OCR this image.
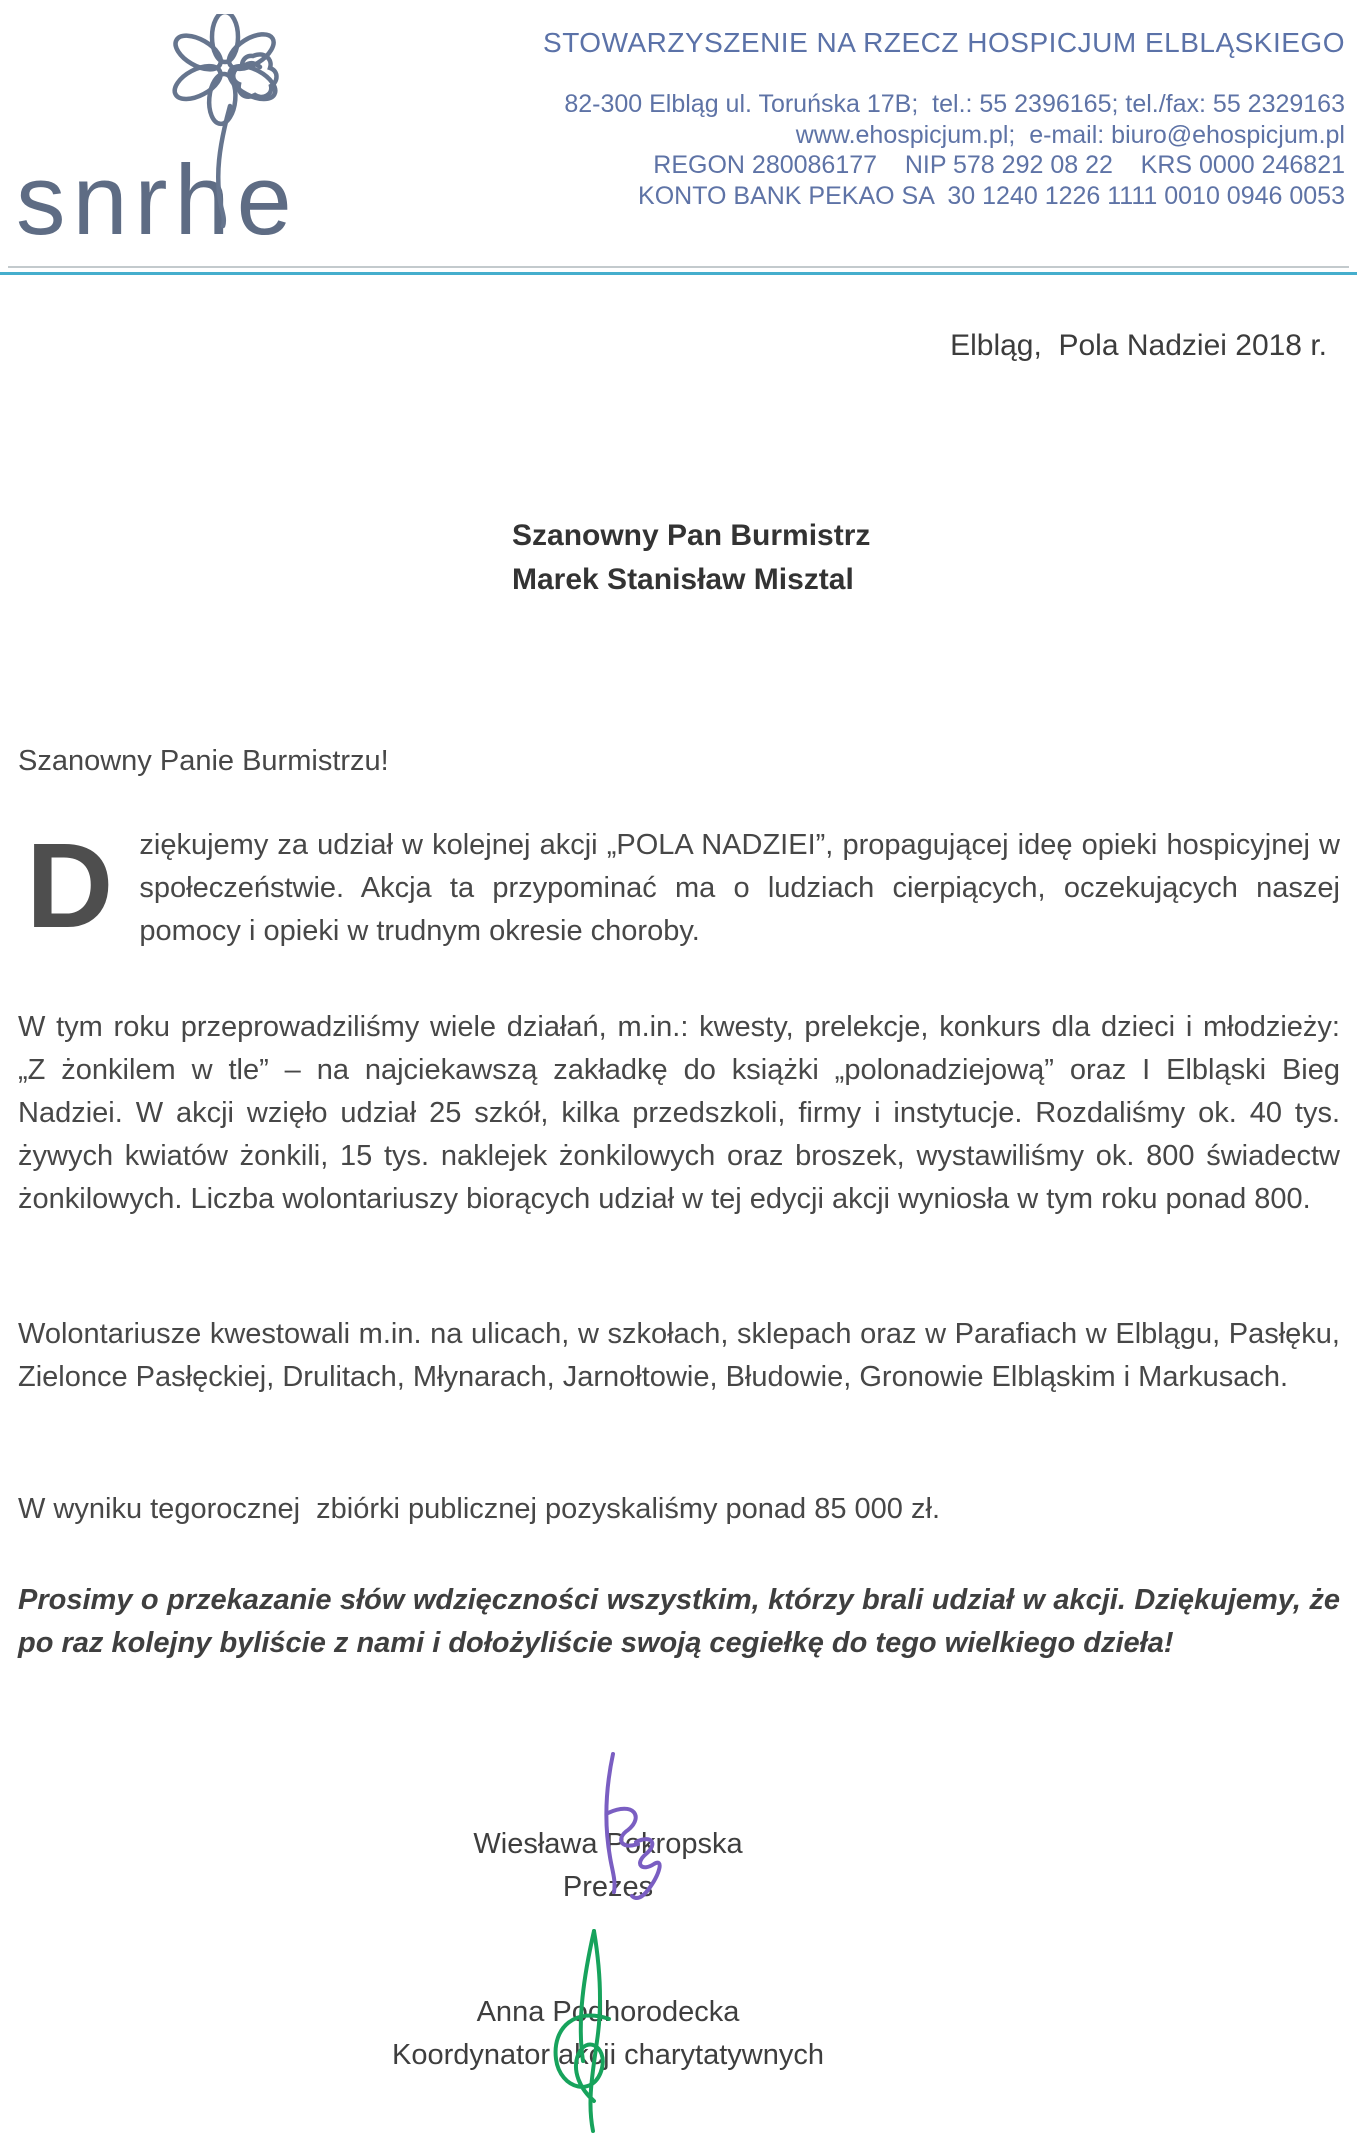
snrhe
STOWARZYSZENIE NA RZECZ HOSPICJUM ELBLĄSKIEGO
82-300 Elbląg ul. Toruńska 17B;  tel.: 55 2396165; tel./fax: 55 2329163
www.ehospicjum.pl;  e-mail: biuro@ehospicjum.pl
REGON 280086177    NIP 578 292 08 22    KRS 0000 246821
KONTO BANK PEKAO SA  30 1240 1226 1111 0010 0946 0053
Elbląg,  Pola Nadziei 2018 r.
Szanowny Pan Burmistrz
Marek Stanisław Misztal
Szanowny Panie Burmistrzu!
Dziękujemy za udział w kolejnej akcji „POLA NADZIEI”, propagującej ideę opieki hospicyjnej w społeczeństwie. Akcja ta przypominać ma o ludziach cierpiących, oczekujących naszej pomocy i opieki w trudnym okresie choroby.
W tym roku przeprowadziliśmy wiele działań, m.in.: kwesty, prelekcje, konkurs dla dzieci i młodzieży: „Z żonkilem w tle” – na najciekawszą zakładkę do książki „polonadziejową” oraz I Elbląski Bieg Nadziei. W akcji wzięło udział 25 szkół, kilka przedszkoli, firmy i instytucje. Rozdaliśmy ok. 40 tys. żywych kwiatów żonkili, 15 tys. naklejek żonkilowych oraz broszek, wystawiliśmy ok. 800 świadectw żonkilowych. Liczba wolontariuszy biorących udział w tej edycji akcji wyniosła w tym roku ponad 800.
Wolontariusze kwestowali m.in. na ulicach, w szkołach, sklepach oraz w Parafiach w Elblągu, Pasłęku, Zielonce Pasłęckiej, Drulitach, Młynarach, Jarnołtowie, Błudowie, Gronowie Elbląskim i Markusach.
W wyniku tegorocznej  zbiórki publicznej pozyskaliśmy ponad 85 000 zł.
Prosimy o przekazanie słów wdzięczności wszystkim, którzy brali udział w akcji. Dziękujemy, że po raz kolejny byliście z nami i dołożyliście swoją cegiełkę do tego wielkiego dzieła!
Wiesława Pokropska
Prezes
Anna Podhorodecka
Koordynator akcji charytatywnych
